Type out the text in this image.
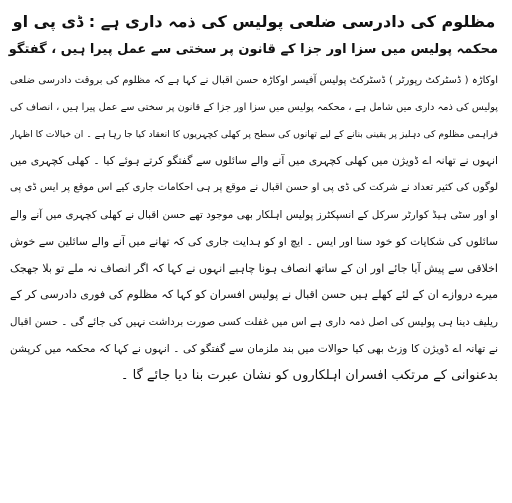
مظلوم کی دادرسی ضلعی پولیس کی ذمہ داری ہے : ڈی پی او
محکمہ پولیس میں سزا اور جزا کے قانون پر سختی سے عمل پیرا ہیں ، گفتگو
اوکاڑہ ( ڈسٹرکٹ رپورٹر ) ڈسٹرکٹ پولیس آفیسر اوکاڑہ حسن اقبال نے کہا ہے کہ مظلوم کی بروقت دادرسی ضلعی
پولیس کی ذمہ داری میں شامل ہے ، محکمہ پولیس میں سزا اور جزا کے قانون پر سختی سے عمل پیرا ہیں ، انصاف کی
فراہمی مظلوم کی دہلیز پر یقینی بنانے کے لیے تھانوں کی سطح پر کھلی کچہریوں کا انعقاد کیا جا رہا ہے ۔ ان خیالات کا اظہار
انہوں نے تھانہ اے ڈویژن میں کھلی کچہری میں آنے والے سائلوں سے گفتگو کرتے ہوئے کیا ۔ کھلی کچہری میں
لوگوں کی کثیر تعداد نے شرکت کی ڈی پی او حسن اقبال نے موقع پر ہی احکامات جاری کیے اس موقع پر ایس ڈی پی
او اور سٹی ہیڈ کوارٹر سرکل کے انسپکٹرز پولیس اہلکار بھی موجود تھے حسن اقبال نے کھلی کچہری میں آنے والے
سائلوں کی شکایات کو خود سنا اور ایس ۔ ایچ او کو ہدایت جاری کی کہ تھانے میں آنے والے سائلین سے خوش
اخلاقی سے پیش آیا جائے اور ان کے ساتھ انصاف ہونا چاہیے انہوں نے کہا کہ اگر انصاف نہ ملے تو بلا جھجک
میرے دروازے ان کے لئے کھلے ہیں حسن اقبال نے پولیس افسران کو کہا کہ مظلوم کی فوری دادرسی کر کے
ریلیف دینا ہی پولیس کی اصل ذمہ داری ہے اس میں غفلت کسی صورت برداشت نہیں کی جائے گی ۔ حسن اقبال
نے تھانہ اے ڈویژن کا وزٹ بھی کیا حوالات میں بند ملزمان سے گفتگو کی ۔ انہوں نے کہا کہ محکمہ میں کرپشن
بدعنوانی کے مرتکب افسران اہلکاروں کو نشان عبرت بنا دیا جائے گا ۔
